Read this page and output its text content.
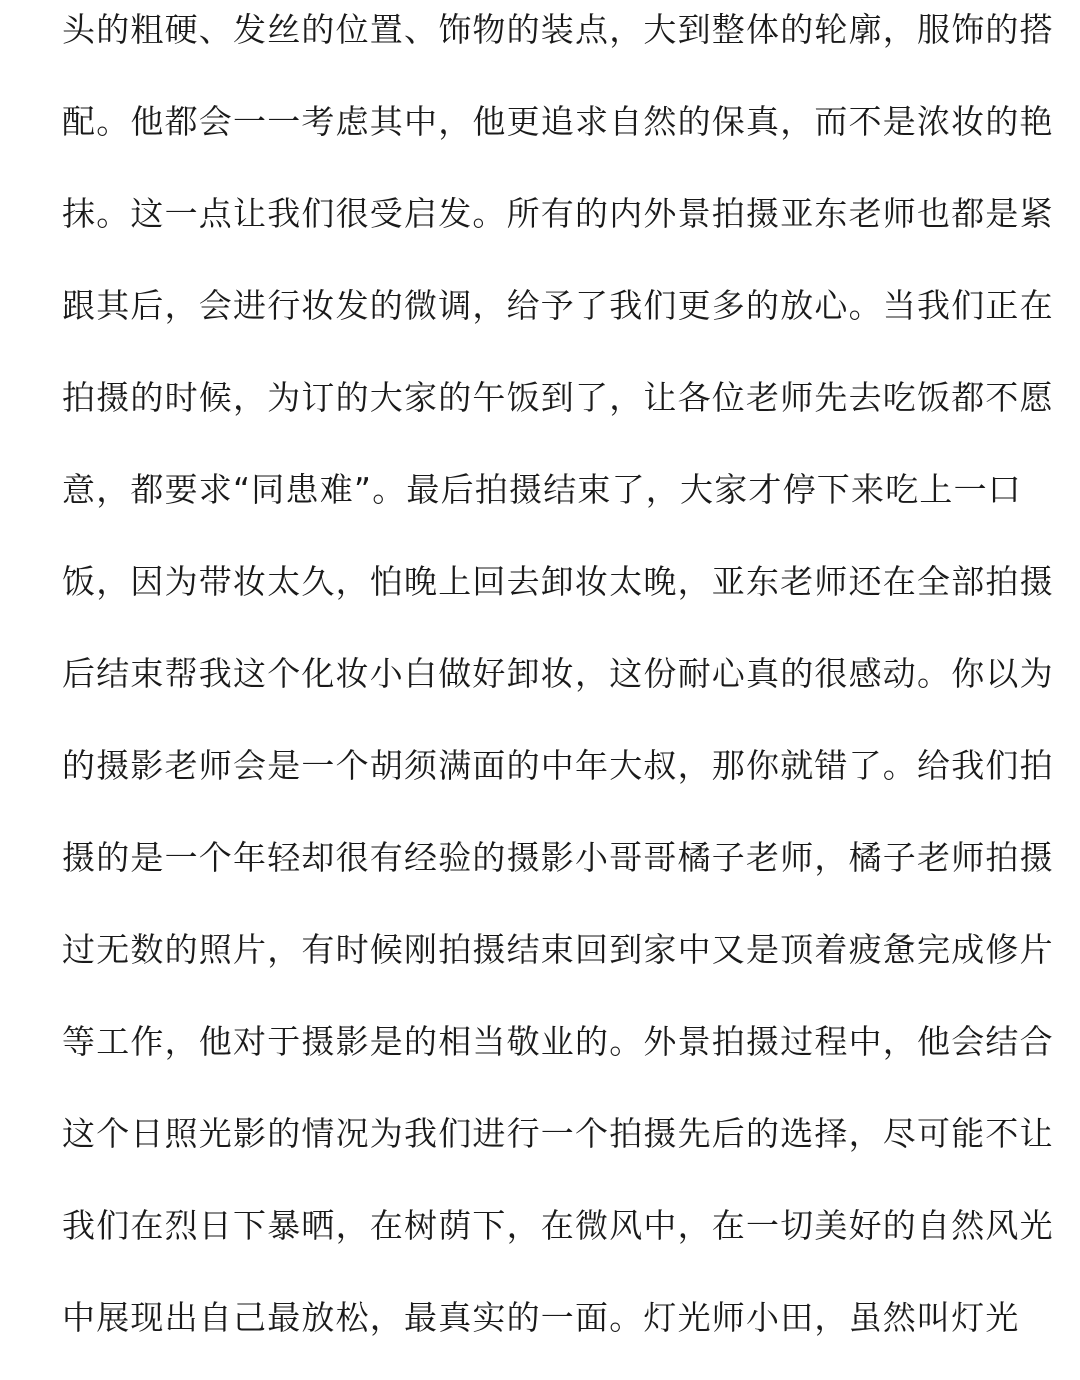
头的粗硬、发丝的位置、饰物的装点，大到整体的轮廓，服饰的搭
配。他都会一一考虑其中，他更追求自然的保真，而不是浓妆的艳
抹。这一点让我们很受启发。所有的内外景拍摄亚东老师也都是紧
跟其后，会进行妆发的微调，给予了我们更多的放心。当我们正在
拍摄的时候，为订的大家的午饭到了，让各位老师先去吃饭都不愿
意，都要求“同患难”。最后拍摄结束了，大家才停下来吃上一口
饭，因为带妆太久，怕晚上回去卸妆太晚，亚东老师还在全部拍摄
后结束帮我这个化妆小白做好卸妆，这份耐心真的很感动。你以为
的摄影老师会是一个胡须满面的中年大叔，那你就错了。给我们拍
摄的是一个年轻却很有经验的摄影小哥哥橘子老师，橘子老师拍摄
过无数的照片，有时候刚拍摄结束回到家中又是顶着疲惫完成修片
等工作，他对于摄影是的相当敬业的。外景拍摄过程中，他会结合
这个日照光影的情况为我们进行一个拍摄先后的选择，尽可能不让
我们在烈日下暴晒，在树荫下，在微风中，在一切美好的自然风光
中展现出自己最放松，最真实的一面。灯光师小田，虽然叫灯光
